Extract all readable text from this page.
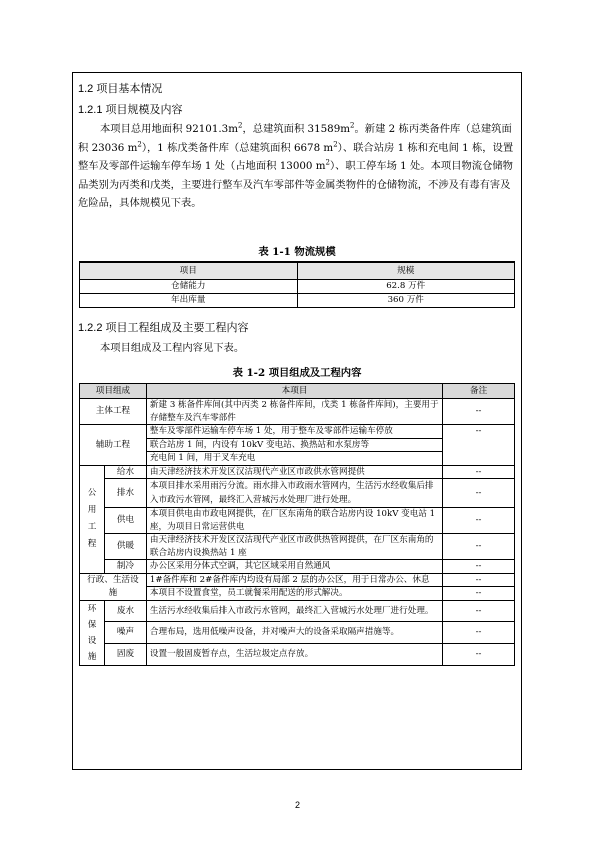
1.2 项目基本情况
1.2.1 项目规模及内容
本项目总用地面积 $92101.3m^2$，总建筑面积 $31589m^2$。新建 2 栋丙类备件库（总建筑面积 23036 $m^2$），1 栋戊类备件库（总建筑面积 6678 $m^2$）、联合站房 1 栋和充电间 1 栋，设置整车及零部件运输车停车场 1 处（占地面积 13000 $m^2$）、职工停车场 1 处。本项目物流仓储物品类别为丙类和戊类，主要进行整车及汽车零部件等金属类物件的仓储物流，不涉及有毒有害及危险品，具体规模见下表。
表 1-1 物流规模
项目	规模
仓储能力	62.8 万件
年出库量	360 万件
1.2.2 项目工程组成及主要工程内容
本项目组成及工程内容见下表。
表 1-2 项目组成及工程内容
项目组成		本项目	备注
主体工程		新建 3 栋备件库间(其中丙类 2 栋备件库间，戊类 1 栋备件库间)，主要用于存储整车及汽车零部件	--
辅助工程		整车及零部件运输车停车场 1 处，用于整车及零部件运输车停放	--
		联合站房 1 间，内设有 10kV 变电站、换热站和水泵房等	
		充电间 1 间，用于叉车充电	
公用工程	给水	由天津经济技术开发区汉沽现代产业区市政供水管网提供	--
	排水	本项目排水采用雨污分流。雨水排入市政雨水管网内，生活污水经收集后排入市政污水管网，最终汇入营城污水处理厂进行处理。	--
	供电	本项目供电由市政电网提供，在厂区东南角的联合站房内设 10kV 变电站 1 座，为项目日常运营供电	--
	供暖	由天津经济技术开发区汉沽现代产业区市政供热管网提供，在厂区东南角的联合站房内设换热站 1 座	--
	制冷	办公区采用分体式空调，其它区域采用自然通风	--
行政、生活设施		1#备件库和 2#备件库内均设有局部 2 层的办公区，用于日常办公、休息	--
		本项目不设置食堂，员工就餐采用配送的形式解决。	--
环保设施	废水	生活污水经收集后排入市政污水管网，最终汇入营城污水处理厂进行处理。	--
	噪声	合理布局，选用低噪声设备，并对噪声大的设备采取隔声措施等。	--
	固废	设置一般固废暂存点，生活垃圾定点存放。	--
2
